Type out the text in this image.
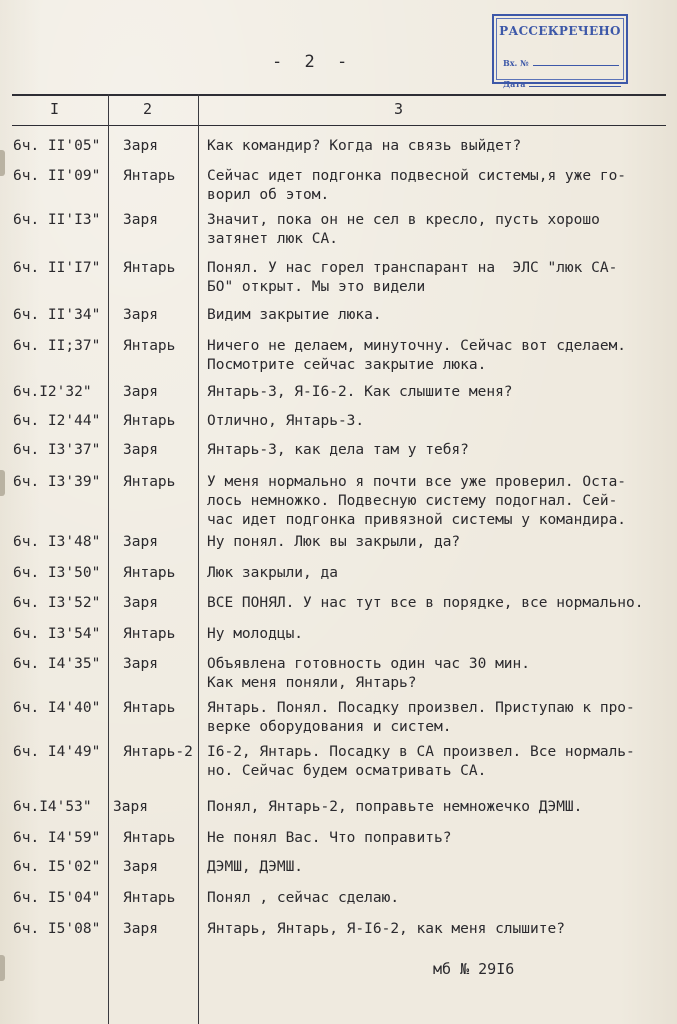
РАССЕКРЕЧЕНО
Вх. №
Дата
- 2 -
I	2	3
6ч. II'05" Заря	Как командир? Когда на связь выйдет?
6ч. II'09" Янтарь Сейчас идет подгонка подвесной системы,я уже го-
ворил об этом.
6ч. II'I3" Заря	Значит, пока он не сел в кресло, пусть хорошо
затянет люк СА.
6ч. II'I7" Янтарь Понял. У нас горел транспарант на  ЭЛС "люк СА-
БО" открыт. Мы это видели
6ч. II'34" Заря	Видим закрытие люка.
6ч. II;37" Янтарь Ничего не делаем, минуточну. Сейчас вот сделаем.
Посмотрите сейчас закрытие люка.
6ч.I2'32" Заря	Янтарь-3, Я-I6-2. Как слышите меня?
6ч. I2'44" Янтарь Отлично, Янтарь-3.
6ч. I3'37" Заря	Янтарь-3, как дела там у тебя?
6ч. I3'39" Янтарь У меня нормально я почти все уже проверил. Оста-
лось немножко. Подвесную систему подогнал. Сей-
час идет подгонка привязной системы у командира.
6ч. I3'48" Заря	Ну понял. Люк вы закрыли, да?
6ч. I3'50" Янтарь Люк закрыли, да
6ч. I3'52" Заря	ВСЕ ПОНЯЛ. У нас тут все в порядке, все нормально.
6ч. I3'54" Янтарь Ну молодцы.
6ч. I4'35" Заря	Объявлена готовность один час 30 мин.
Как меня поняли, Янтарь?
6ч. I4'40" Янтарь Янтарь. Понял. Посадку произвел. Приступаю к про-
верке оборудования и систем.
6ч. I4'49" Янтарь-2 I6-2, Янтарь. Посадку в СА произвел. Все нормаль-
но. Сейчас будем осматривать СА.
6ч.I4'53" Заря	Понял, Янтарь-2, поправьте немножечко ДЭМШ.
6ч. I4'59" Янтарь Не понял Вас. Что поправить?
6ч. I5'02" Заря	ДЭМШ, ДЭМШ.
6ч. I5'04" Янтарь Понял , сейчас сделаю.
6ч. I5'08" Заря	Янтарь, Янтарь, Я-I6-2, как меня слышите?
мб № 29I6
